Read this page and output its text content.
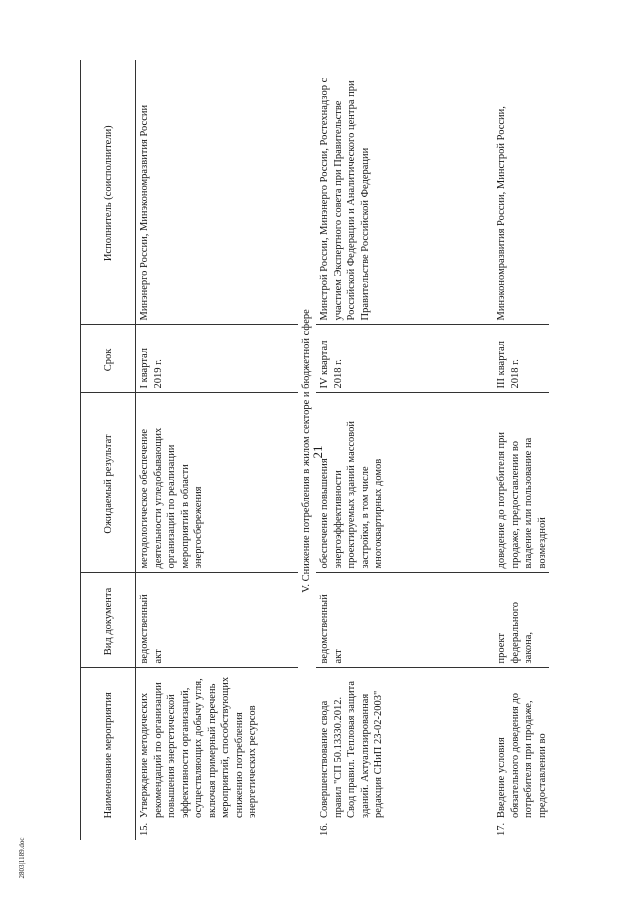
21
2803|1189.doc
Наименование мероприятия		Вид документа	Ожидаемый результат	Срок	Исполнитель (соисполнители)
15.	Утверждение методических рекомендаций по организации повышения энергетической эффективности организаций, осуществляющих добычу угля, включая примерный перечень мероприятий, способствующих снижению потребления энергетических ресурсов	ведомственный акт	методологическое обеспечение деятельности угледобывающих организаций по реализации мероприятий в области энергосбережения	I квартал 2019 г.	Минэнерго России, Минэкономразвития России
V. Снижение потребления в жилом секторе и бюджетной сфере					
16.	Совершенствование свода правил "СП 50.13330.2012. Свод правил. Тепловая защита зданий. Актуализированная редакция СНиП 23-02-2003"	ведомственный акт	обеспечение повышения энергоэффективности проектируемых зданий массовой застройки, в том числе многоквартирных домов	IV квартал 2018 г.	Минстрой России, Минэнерго России, Ростехнадзор с участием Экспертного совета при Правительстве Российской Федерации и Аналитического центра при Правительстве Российской Федерации
17.	Введение условия обязательного доведения до потребителя при продаже, предоставлении во	проект федерального закона,	доведение до потребителя при продаже, предоставлении во владение или пользование на возмездной	III квартал 2018 г.	Минэкономразвития России, Минстрой России,
